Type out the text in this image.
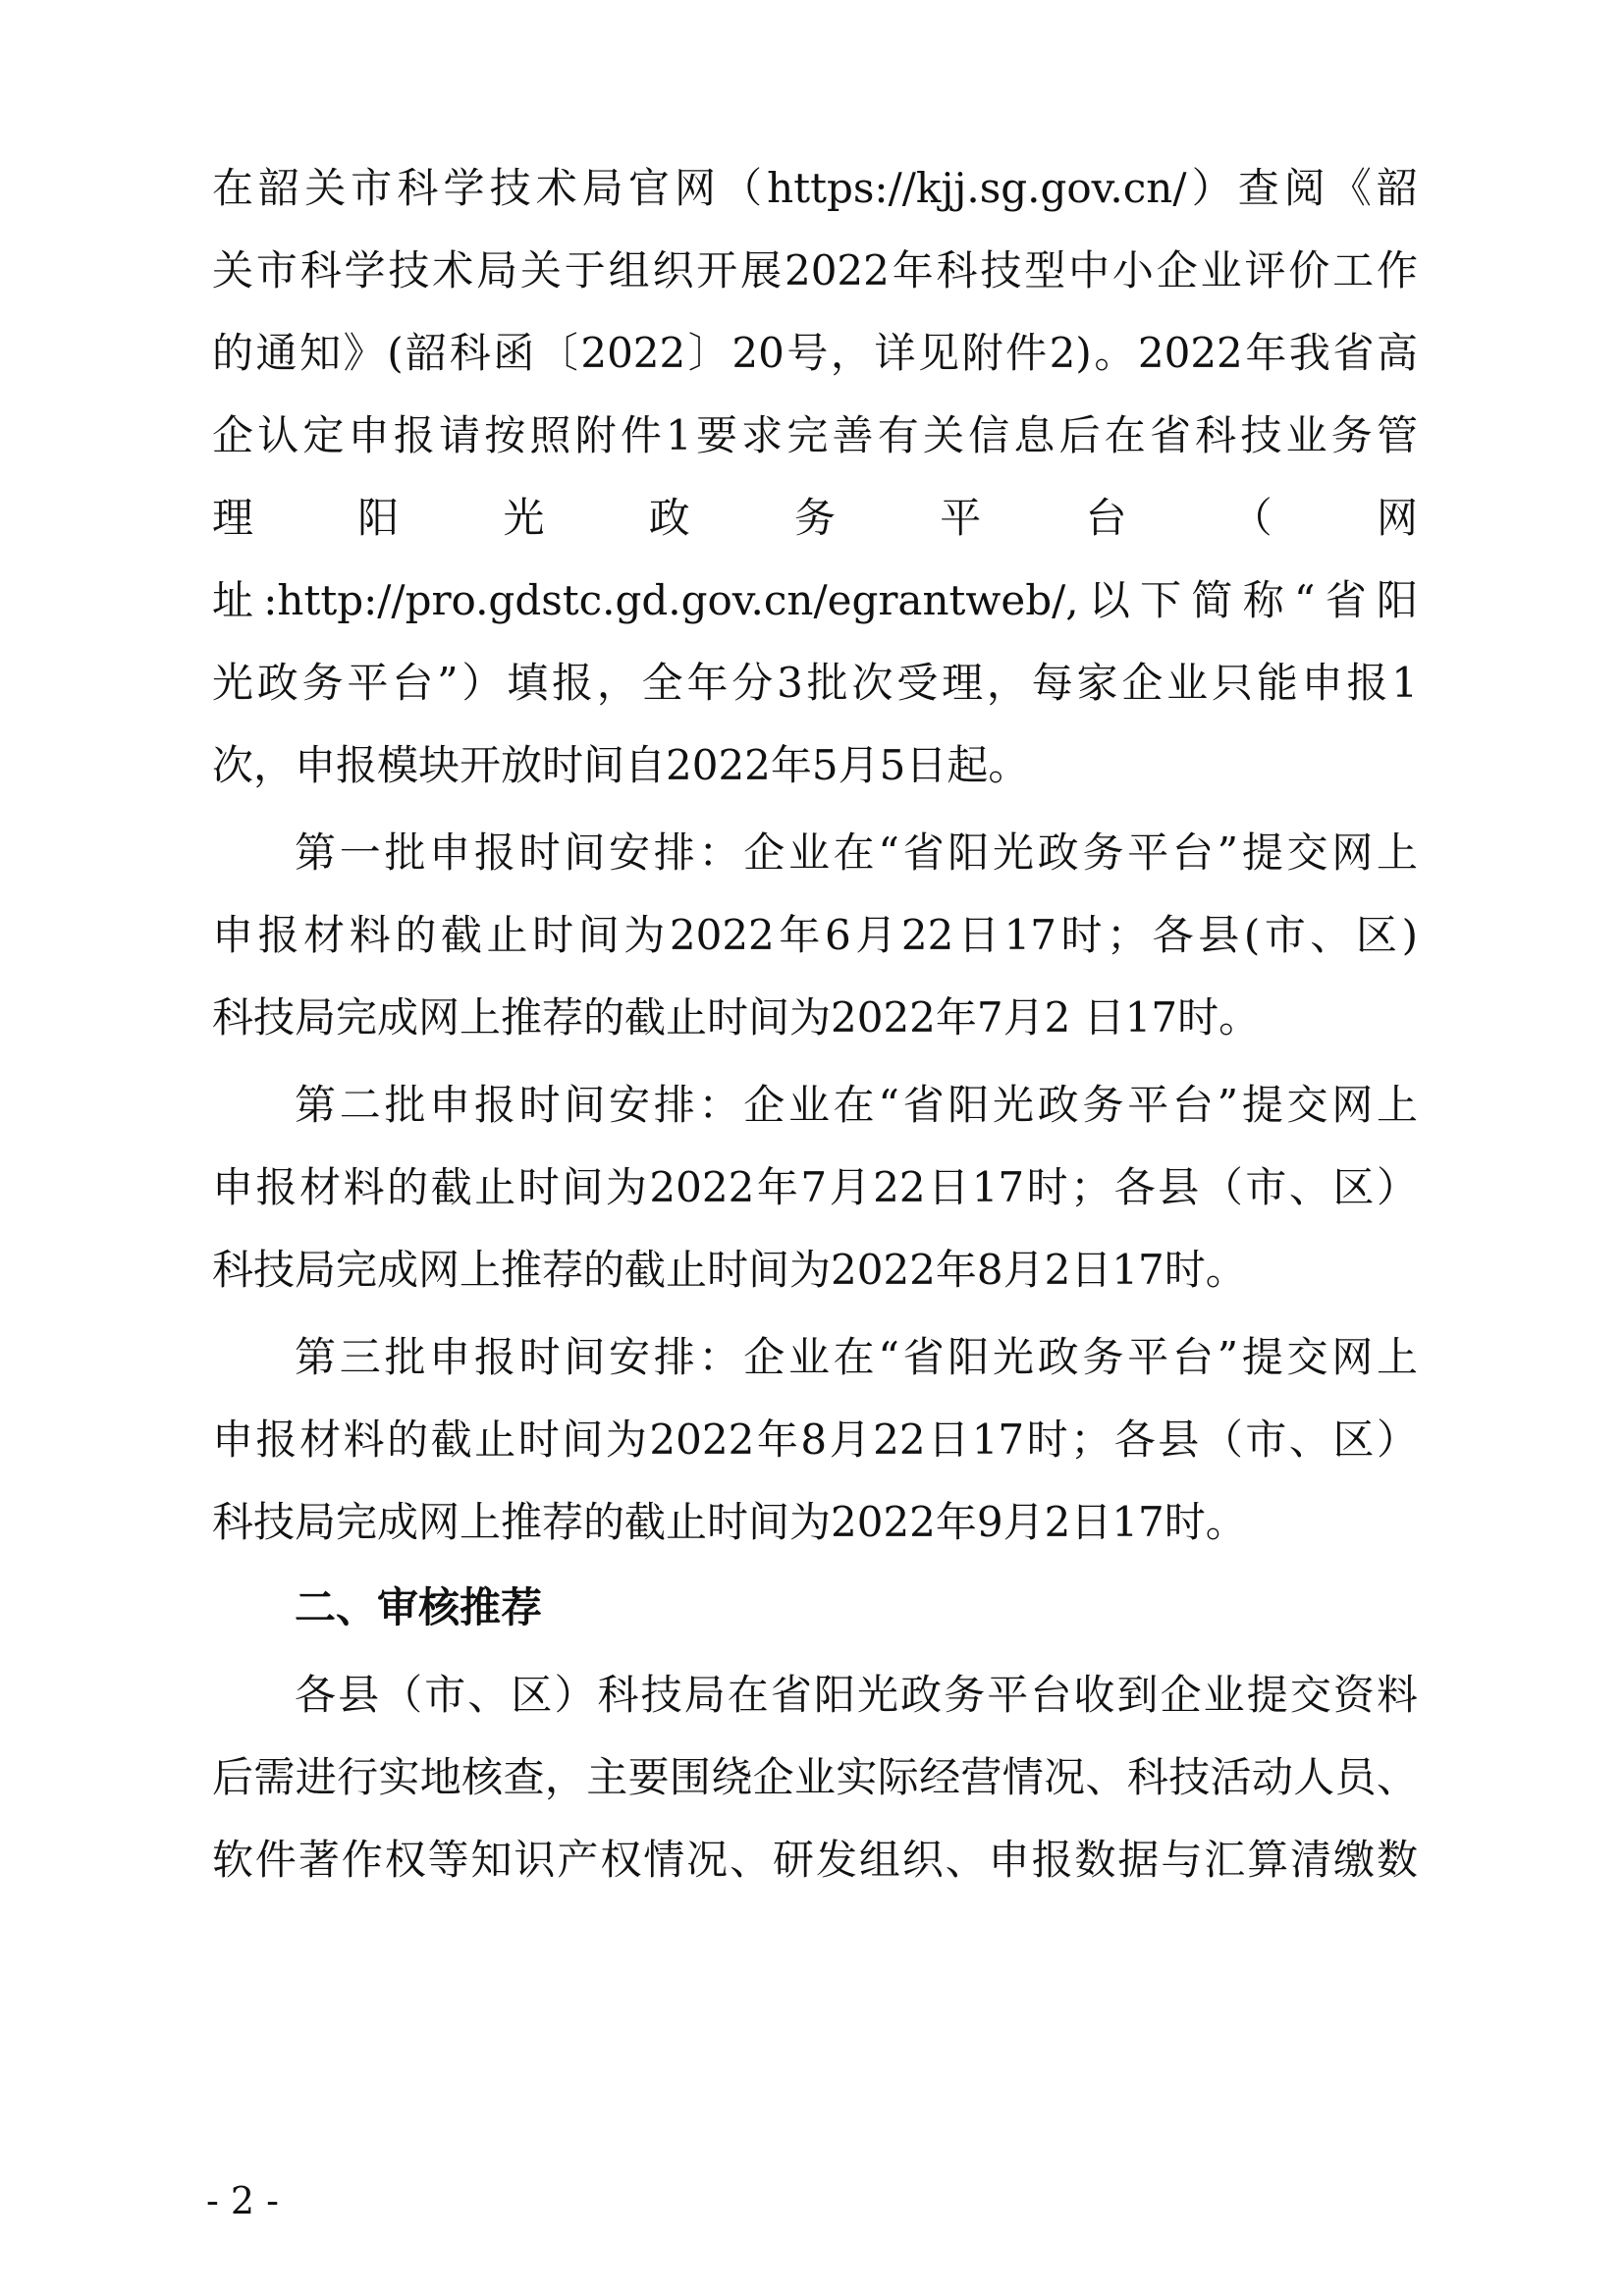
在韶关市科学技术局官网（https://kjj.sg.gov.cn/）查阅《韶
关市科学技术局关于组织开展2022年科技型中小企业评价工作
的通知》(韶科函〔2022〕20号，详见附件2)。2022年我省高
企认定申报请按照附件1要求完善有关信息后在省科技业务管
理 阳 光 政 务 平 台 （ 网
址:http://pro.gdstc.gd.gov.cn/egrantweb/,以下简称“省阳
光政务平台”）填报，全年分3批次受理，每家企业只能申报1
次，申报模块开放时间自2022年5月5日起。
第一批申报时间安排：企业在“省阳光政务平台”提交网上
申报材料的截止时间为2022年6月22日17时；各县(市、区)
科技局完成网上推荐的截止时间为2022年7月2 日17时。
第二批申报时间安排：企业在“省阳光政务平台”提交网上
申报材料的截止时间为2022年7月22日17时；各县（市、区）
科技局完成网上推荐的截止时间为2022年8月2日17时。
第三批申报时间安排：企业在“省阳光政务平台”提交网上
申报材料的截止时间为2022年8月22日17时；各县（市、区）
科技局完成网上推荐的截止时间为2022年9月2日17时。
二、审核推荐
各县（市、区）科技局在省阳光政务平台收到企业提交资料
后需进行实地核查，主要围绕企业实际经营情况、科技活动人员、
软件著作权等知识产权情况、研发组织、申报数据与汇算清缴数
- 2 -
